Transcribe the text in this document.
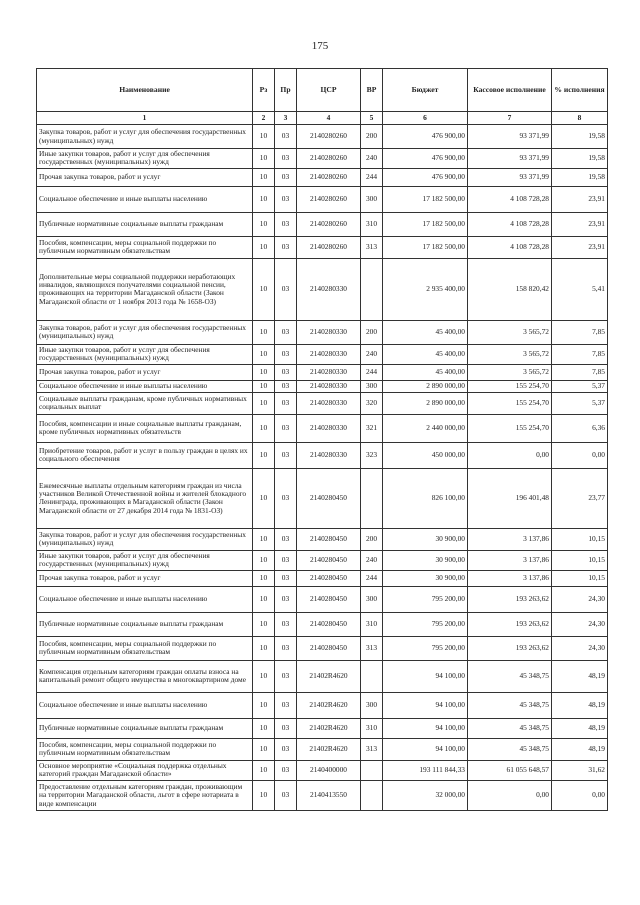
175
Наименование	Рз	Пр	ЦСР	ВР	Бюджет	Кассовое исполнение	% исполнения
1	2	3	4	5	6	7	8
Закупка товаров, работ и услуг для обеспечения государственных (муниципальных) нужд	10	03	2140280260	200	476 900,00	93 371,99	19,58
Иные закупки товаров, работ и услуг для обеспечения государственных (муниципальных) нужд	10	03	2140280260	240	476 900,00	93 371,99	19,58
Прочая закупка товаров, работ и услуг	10	03	2140280260	244	476 900,00	93 371,99	19,58
Социальное обеспечение и иные выплаты населению	10	03	2140280260	300	17 182 500,00	4 108 728,28	23,91
Публичные нормативные социальные выплаты гражданам	10	03	2140280260	310	17 182 500,00	4 108 728,28	23,91
Пособия, компенсации, меры социальной поддержки по публичным нормативным обязательствам	10	03	2140280260	313	17 182 500,00	4 108 728,28	23,91
Дополнительные меры социальной поддержки неработающих инвалидов, являющихся получателями социальной пенсии, проживающих на территории Магаданской области (Закон Магаданской области от 1 ноября 2013 года № 1658-ОЗ)	10	03	2140280330		2 935 400,00	158 820,42	5,41
Закупка товаров, работ и услуг для обеспечения государственных (муниципальных) нужд	10	03	2140280330	200	45 400,00	3 565,72	7,85
Иные закупки товаров, работ и услуг для обеспечения государственных (муниципальных) нужд	10	03	2140280330	240	45 400,00	3 565,72	7,85
Прочая закупка товаров, работ и услуг	10	03	2140280330	244	45 400,00	3 565,72	7,85
Социальное обеспечение и иные выплаты населению	10	03	2140280330	300	2 890 000,00	155 254,70	5,37
Социальные выплаты гражданам, кроме публичных нормативных социальных выплат	10	03	2140280330	320	2 890 000,00	155 254,70	5,37
Пособия, компенсации и иные социальные выплаты гражданам, кроме публичных нормативных обязательств	10	03	2140280330	321	2 440 000,00	155 254,70	6,36
Приобретение товаров, работ и услуг в пользу граждан в целях их социального обеспечения	10	03	2140280330	323	450 000,00	0,00	0,00
Ежемесячные выплаты отдельным категориям граждан из числа участников Великой Отечественной войны и жителей блокадного Ленинграда, проживающих в Магаданской области (Закон Магаданской области от 27 декабря 2014 года № 1831-ОЗ)	10	03	2140280450		826 100,00	196 401,48	23,77
Закупка товаров, работ и услуг для обеспечения государственных (муниципальных) нужд	10	03	2140280450	200	30 900,00	3 137,86	10,15
Иные закупки товаров, работ и услуг для обеспечения государственных (муниципальных) нужд	10	03	2140280450	240	30 900,00	3 137,86	10,15
Прочая закупка товаров, работ и услуг	10	03	2140280450	244	30 900,00	3 137,86	10,15
Социальное обеспечение и иные выплаты населению	10	03	2140280450	300	795 200,00	193 263,62	24,30
Публичные нормативные социальные выплаты гражданам	10	03	2140280450	310	795 200,00	193 263,62	24,30
Пособия, компенсации, меры социальной поддержки по публичным нормативным обязательствам	10	03	2140280450	313	795 200,00	193 263,62	24,30
Компенсация отдельным категориям граждан оплаты взноса на капитальный ремонт общего имущества в многоквартирном доме	10	03	21402R4620		94 100,00	45 348,75	48,19
Социальное обеспечение и иные выплаты населению	10	03	21402R4620	300	94 100,00	45 348,75	48,19
Публичные нормативные социальные выплаты гражданам	10	03	21402R4620	310	94 100,00	45 348,75	48,19
Пособия, компенсации, меры социальной поддержки по публичным нормативным обязательствам	10	03	21402R4620	313	94 100,00	45 348,75	48,19
Основное мероприятие «Социальная поддержка отдельных категорий граждан Магаданской области»	10	03	2140400000		193 111 844,33	61 055 648,57	31,62
Предоставление отдельным категориям граждан, проживающим на территории Магаданской области, льгот в сфере нотариата в виде компенсации	10	03	2140413550		32 000,00	0,00	0,00
